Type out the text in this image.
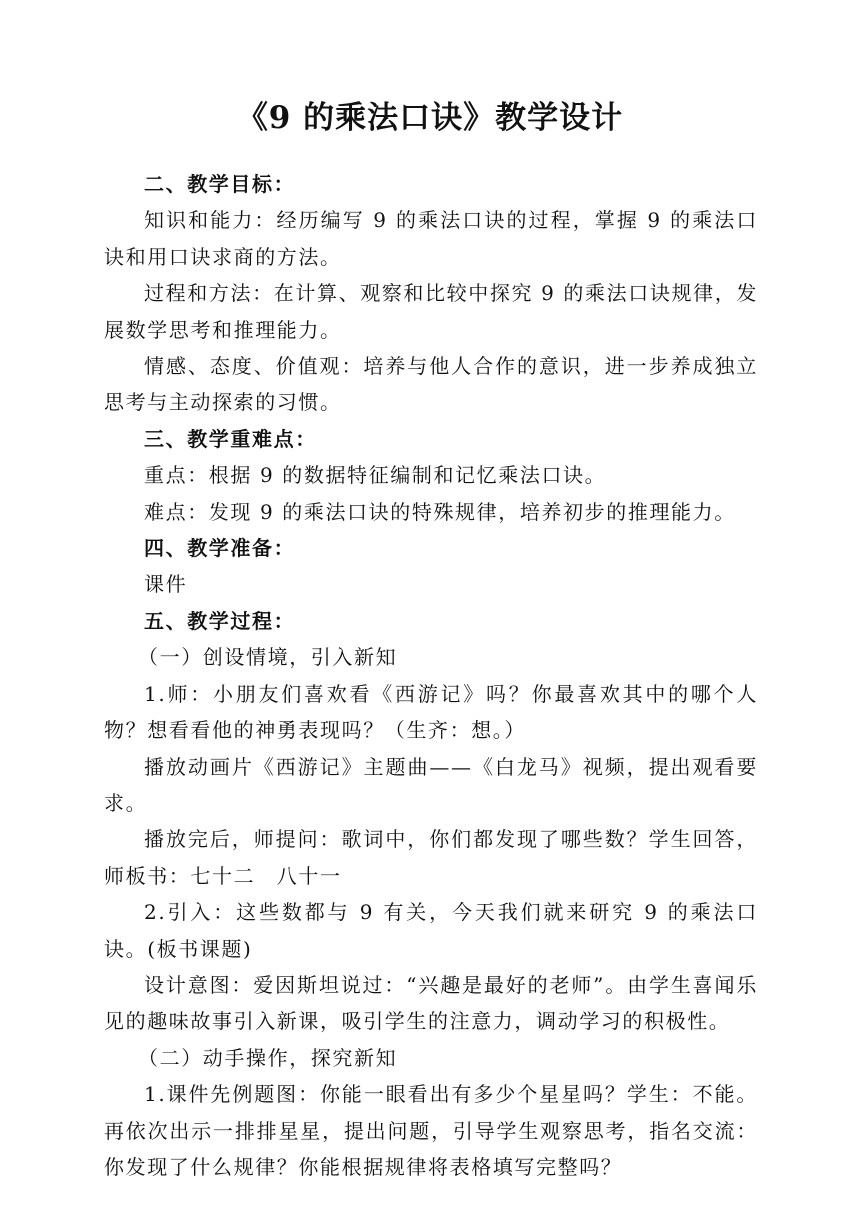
《9 的乘法口诀》教学设计

二、教学目标：

知识和能力：经历编写 9 的乘法口诀的过程，掌握 9 的乘法口诀和用口诀求商的方法。

过程和方法：在计算、观察和比较中探究 9 的乘法口诀规律，发展数学思考和推理能力。

情感、态度、价值观：培养与他人合作的意识，进一步养成独立思考与主动探索的习惯。

三、教学重难点：

重点：根据 9 的数据特征编制和记忆乘法口诀。

难点：发现 9 的乘法口诀的特殊规律，培养初步的推理能力。

四、教学准备：

课件

五、教学过程：

（一）创设情境，引入新知

1.师：小朋友们喜欢看《西游记》吗？你最喜欢其中的哪个人物？想看看他的神勇表现吗？（生齐：想。）

播放动画片《西游记》主题曲——《白龙马》视频，提出观看要求。

播放完后，师提问：歌词中，你们都发现了哪些数？学生回答，师板书：七十二　八十一

2.引入：这些数都与 9 有关，今天我们就来研究 9 的乘法口诀。(板书课题)

设计意图：爱因斯坦说过：“兴趣是最好的老师”。由学生喜闻乐见的趣味故事引入新课，吸引学生的注意力，调动学习的积极性。

（二）动手操作，探究新知

1.课件先例题图：你能一眼看出有多少个星星吗？学生：不能。再依次出示一排排星星，提出问题，引导学生观察思考，指名交流：你发现了什么规律？你能根据规律将表格填写完整吗？
